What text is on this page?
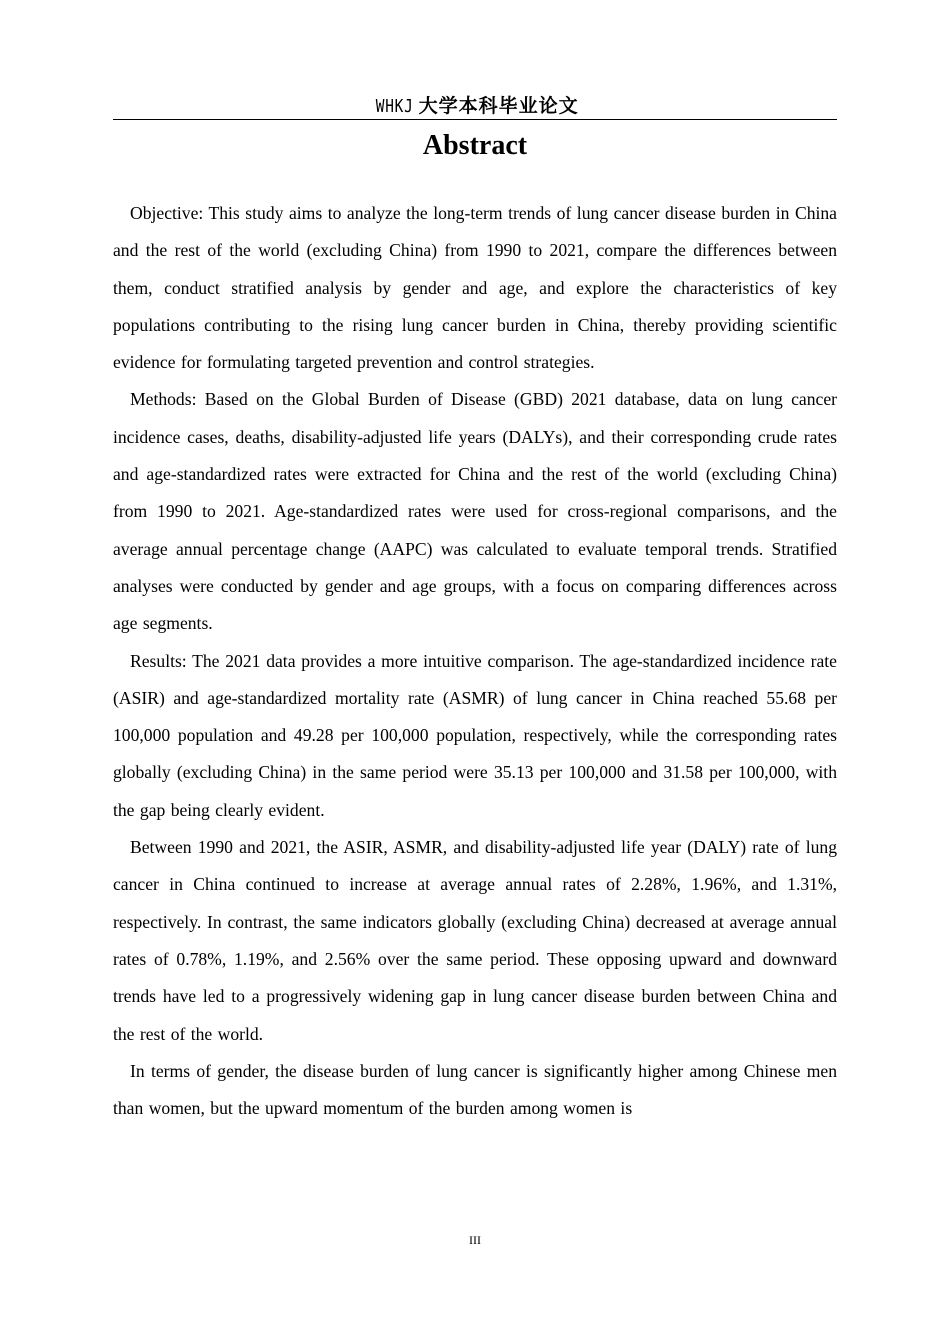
WHKJ 大学本科毕业论文
Abstract

Objective: This study aims to analyze the long-term trends of lung cancer disease burden in China and the rest of the world (excluding China) from 1990 to 2021, compare the differences between them, conduct stratified analysis by gender and age, and explore the characteristics of key populations contributing to the rising lung cancer burden in China, thereby providing scientific evidence for formulating targeted prevention and control strategies.

Methods: Based on the Global Burden of Disease (GBD) 2021 database, data on lung cancer incidence cases, deaths, disability-adjusted life years (DALYs), and their corresponding crude rates and age-standardized rates were extracted for China and the rest of the world (excluding China) from 1990 to 2021. Age-standardized rates were used for cross-regional comparisons, and the average annual percentage change (AAPC) was calculated to evaluate temporal trends. Stratified analyses were conducted by gender and age groups, with a focus on comparing differences across age segments.

Results: The 2021 data provides a more intuitive comparison. The age-standardized incidence rate (ASIR) and age-standardized mortality rate (ASMR) of lung cancer in China reached 55.68 per 100,000 population and 49.28 per 100,000 population, respectively, while the corresponding rates globally (excluding China) in the same period were 35.13 per 100,000 and 31.58 per 100,000, with the gap being clearly evident.

Between 1990 and 2021, the ASIR, ASMR, and disability-adjusted life year (DALY) rate of lung cancer in China continued to increase at average annual rates of 2.28%, 1.96%, and 1.31%, respectively. In contrast, the same indicators globally (excluding China) decreased at average annual rates of 0.78%, 1.19%, and 2.56% over the same period. These opposing upward and downward trends have led to a progressively widening gap in lung cancer disease burden between China and the rest of the world.

In terms of gender, the disease burden of lung cancer is significantly higher among Chinese men than women, but the upward momentum of the burden among women is

III
